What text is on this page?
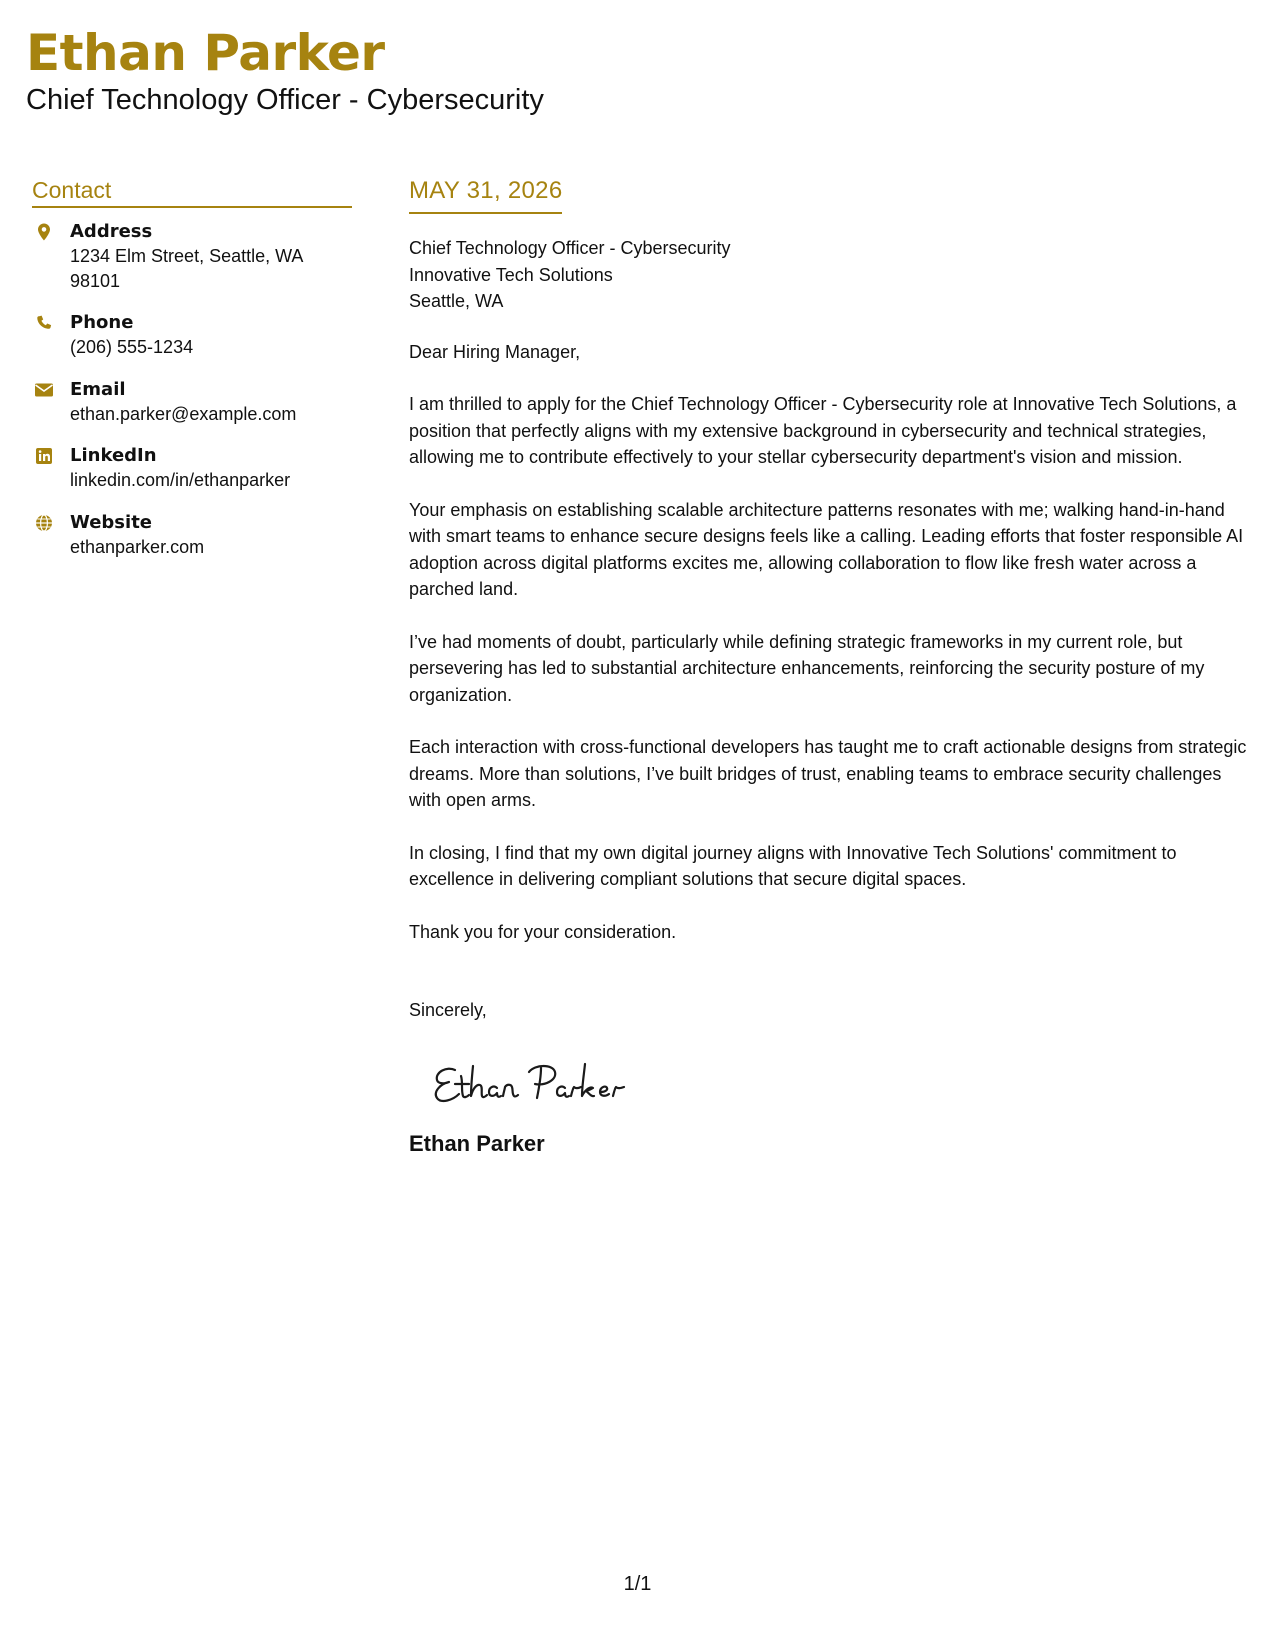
Ethan Parker
Chief Technology Officer - Cybersecurity
Contact
Address
1234 Elm Street, Seattle, WA 98101
Phone
(206) 555-1234
Email
ethan.parker@example.com
LinkedIn
linkedin.com/in/ethanparker
Website
ethanparker.com
MAY 31, 2026
Chief Technology Officer - Cybersecurity
Innovative Tech Solutions
Seattle, WA

Dear Hiring Manager,

I am thrilled to apply for the Chief Technology Officer - Cybersecurity role at Innovative Tech Solutions, a position that perfectly aligns with my extensive background in cybersecurity and technical strategies, allowing me to contribute effectively to your stellar cybersecurity department's vision and mission.

Your emphasis on establishing scalable architecture patterns resonates with me; walking hand-in-hand with smart teams to enhance secure designs feels like a calling. Leading efforts that foster responsible AI adoption across digital platforms excites me, allowing collaboration to flow like fresh water across a parched land.

I’ve had moments of doubt, particularly while defining strategic frameworks in my current role, but persevering has led to substantial architecture enhancements, reinforcing the security posture of my organization.

Each interaction with cross-functional developers has taught me to craft actionable designs from strategic dreams. More than solutions, I’ve built bridges of trust, enabling teams to embrace security challenges with open arms.

In closing, I find that my own digital journey aligns with Innovative Tech Solutions' commitment to excellence in delivering compliant solutions that secure digital spaces.

Thank you for your consideration.

Sincerely,

Ethan Parker
1/1
